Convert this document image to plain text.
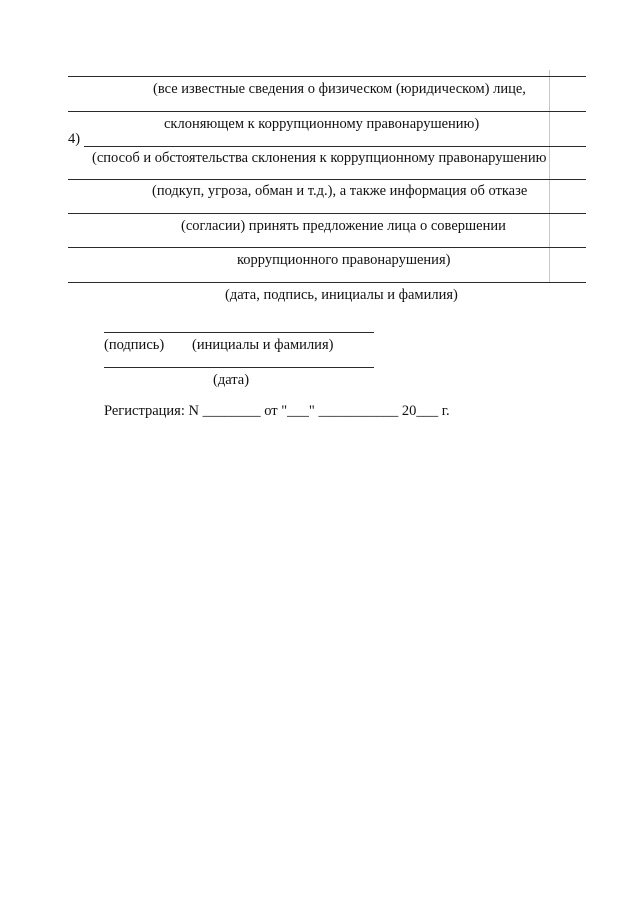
(все известные сведения о физическом (юридическом) лице,
склоняющем к коррупционному правонарушению)
4)
(способ и обстоятельства склонения к коррупционному правонарушению
(подкуп, угроза, обман и т.д.), а также информация об отказе
(согласии) принять предложение лица о совершении
коррупционного правонарушения)
(дата, подпись, инициалы и фамилия)
(подпись) (инициалы и фамилия)
(дата)
Регистрация: N ________ от "___" ___________ 20___ г.
